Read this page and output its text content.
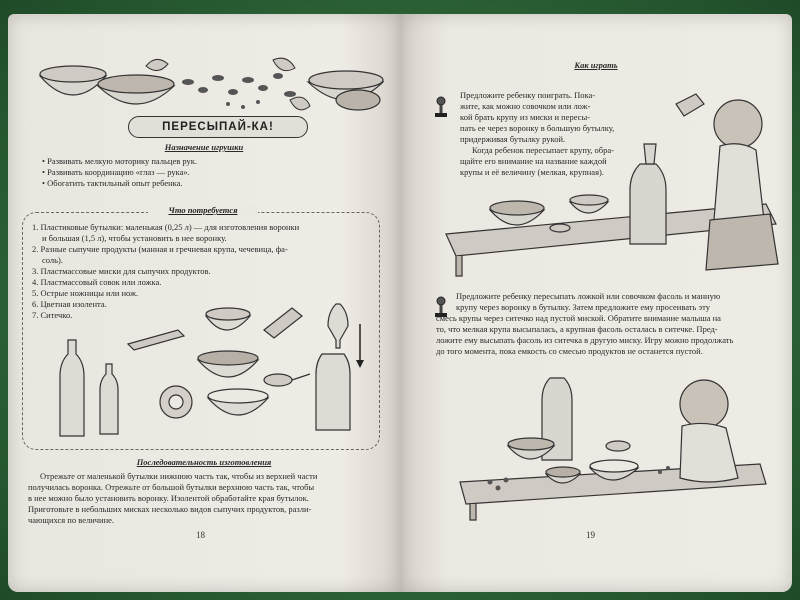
ПЕРЕСЫПАЙ-КА!
Назначение игрушки
• Развивать мелкую моторику пальцев рук.
• Развивать координацию «глаз — рука».
• Обогатить тактильный опыт ребенка.
Что потребуется
1. Пластиковые бутылки: маленькая (0,25 л) — для изготовления воронки
и большая (1,5 л), чтобы установить в нее воронку.
2. Разные сыпучие продукты (манная и гречневая крупа, чечевица, фа-
соль).
3. Пластмассовые миски для сыпучих продуктов.
4. Пластмассовый совок или ложка.
5. Острые ножницы или нож.
6. Цветная изолента.
7. Ситечко.
Последовательность изготовления
Отрежьте от маленькой бутылки нижнюю часть так, чтобы из верхней части
получилась воронка. Отрежьте от большой бутылки верхнюю часть так, чтобы
в нее можно было установить воронку. Изолентой обработайте края бутылок.
Приготовьте в небольших мисках несколько видов сыпучих продуктов, разли-
чающихся по величине.
18
Как играть
Предложите ребенку поиграть. Пока-
жите, как можно совочком или лож-
кой брать крупу из миски и пересы-
пать ее через воронку в большую бутылку,
придерживая бутылку рукой.
Когда ребенок пересыпает крупу, обра-
щайте его внимание на название каждой
крупы и её величину (мелкая, крупная).
Предложите ребенку пересыпать ложкой или совочком фасоль и манную
крупу через воронку в бутылку. Затем предложите ему просеивать эту
смесь крупы через ситечко над пустой миской. Обратите внимание малыша на
то, что мелкая крупа высыпалась, а крупная фасоль осталась в ситечке. Пред-
ложите ему высыпать фасоль из ситечка в другую миску. Игру можно продолжать
до того момента, пока емкость со смесью продуктов не останется пустой.
19
